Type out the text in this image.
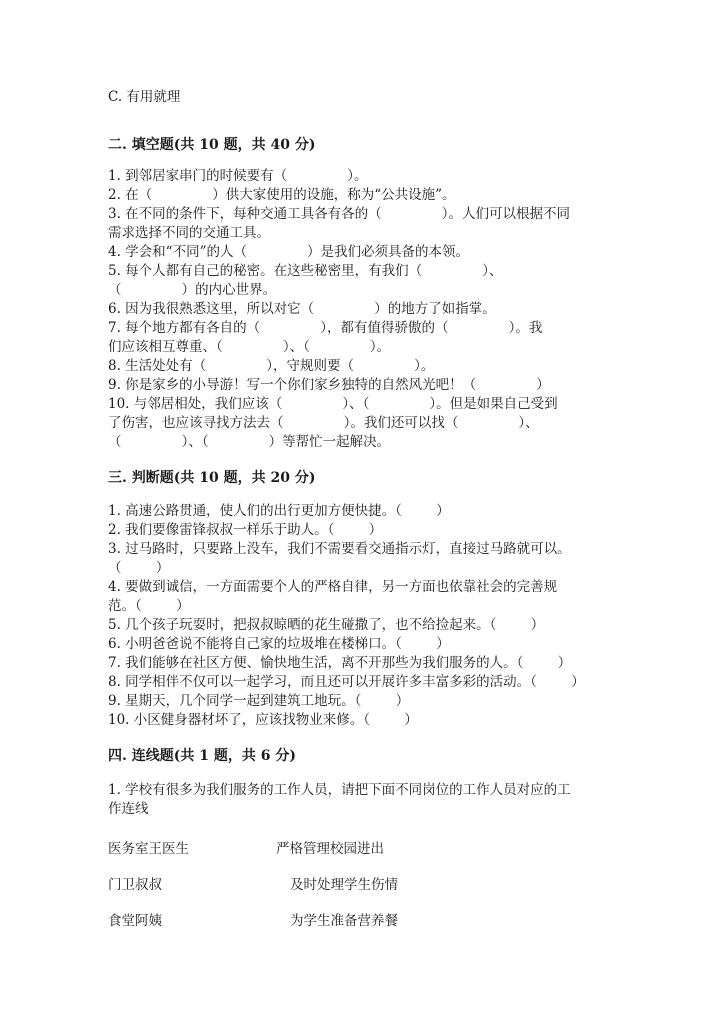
C. 有用就理
二. 填空题(共 10 题，共 40 分)
1. 到邻居家串门的时候要有（              ）。
2. 在（              ）供大家使用的设施，称为“公共设施”。
3. 在不同的条件下，每种交通工具各有各的（              ）。人们可以根据不同
需求选择不同的交通工具。
4. 学会和“不同”的人（              ）是我们必须具备的本领。
5. 每个人都有自己的秘密。在这些秘密里，有我们（              ）、
（              ）的内心世界。
6. 因为我很熟悉这里，所以对它（              ）的地方了如指掌。
7. 每个地方都有各自的（              ），都有值得骄傲的（              ）。我
们应该相互尊重、（              ）、（              ）。
8. 生活处处有（              ），守规则要（              ）。
9. 你是家乡的小导游！写一个你们家乡独特的自然风光吧！（              ）
10. 与邻居相处，我们应该（              ）、（              ）。但是如果自己受到
了伤害，也应该寻找方法去（              ）。我们还可以找（              ）、
（              ）、（              ）等帮忙一起解决。
三. 判断题(共 10 题，共 20 分)
1. 高速公路贯通，使人们的出行更加方便快捷。（        ）
2. 我们要像雷锋叔叔一样乐于助人。（        ）
3. 过马路时，只要路上没车，我们不需要看交通指示灯，直接过马路就可以。
（        ）
4. 要做到诚信，一方面需要个人的严格自律，另一方面也依靠社会的完善规
范。（        ）
5. 几个孩子玩耍时，把叔叔晾晒的花生碰撒了，也不给捡起来。（        ）
6. 小明爸爸说不能将自己家的垃圾堆在楼梯口。（        ）
7. 我们能够在社区方便、愉快地生活，离不开那些为我们服务的人。（        ）
8. 同学相伴不仅可以一起学习，而且还可以开展许多丰富多彩的活动。（        ）
9. 星期天，几个同学一起到建筑工地玩。（        ）
10. 小区健身器材坏了，应该找物业来修。（        ）
四. 连线题(共 1 题，共 6 分)
1. 学校有很多为我们服务的工作人员，请把下面不同岗位的工作人员对应的工
作连线
医务室王医生	严格管理校园进出
门卫叔叔	及时处理学生伤情
食堂阿姨	为学生准备营养餐
